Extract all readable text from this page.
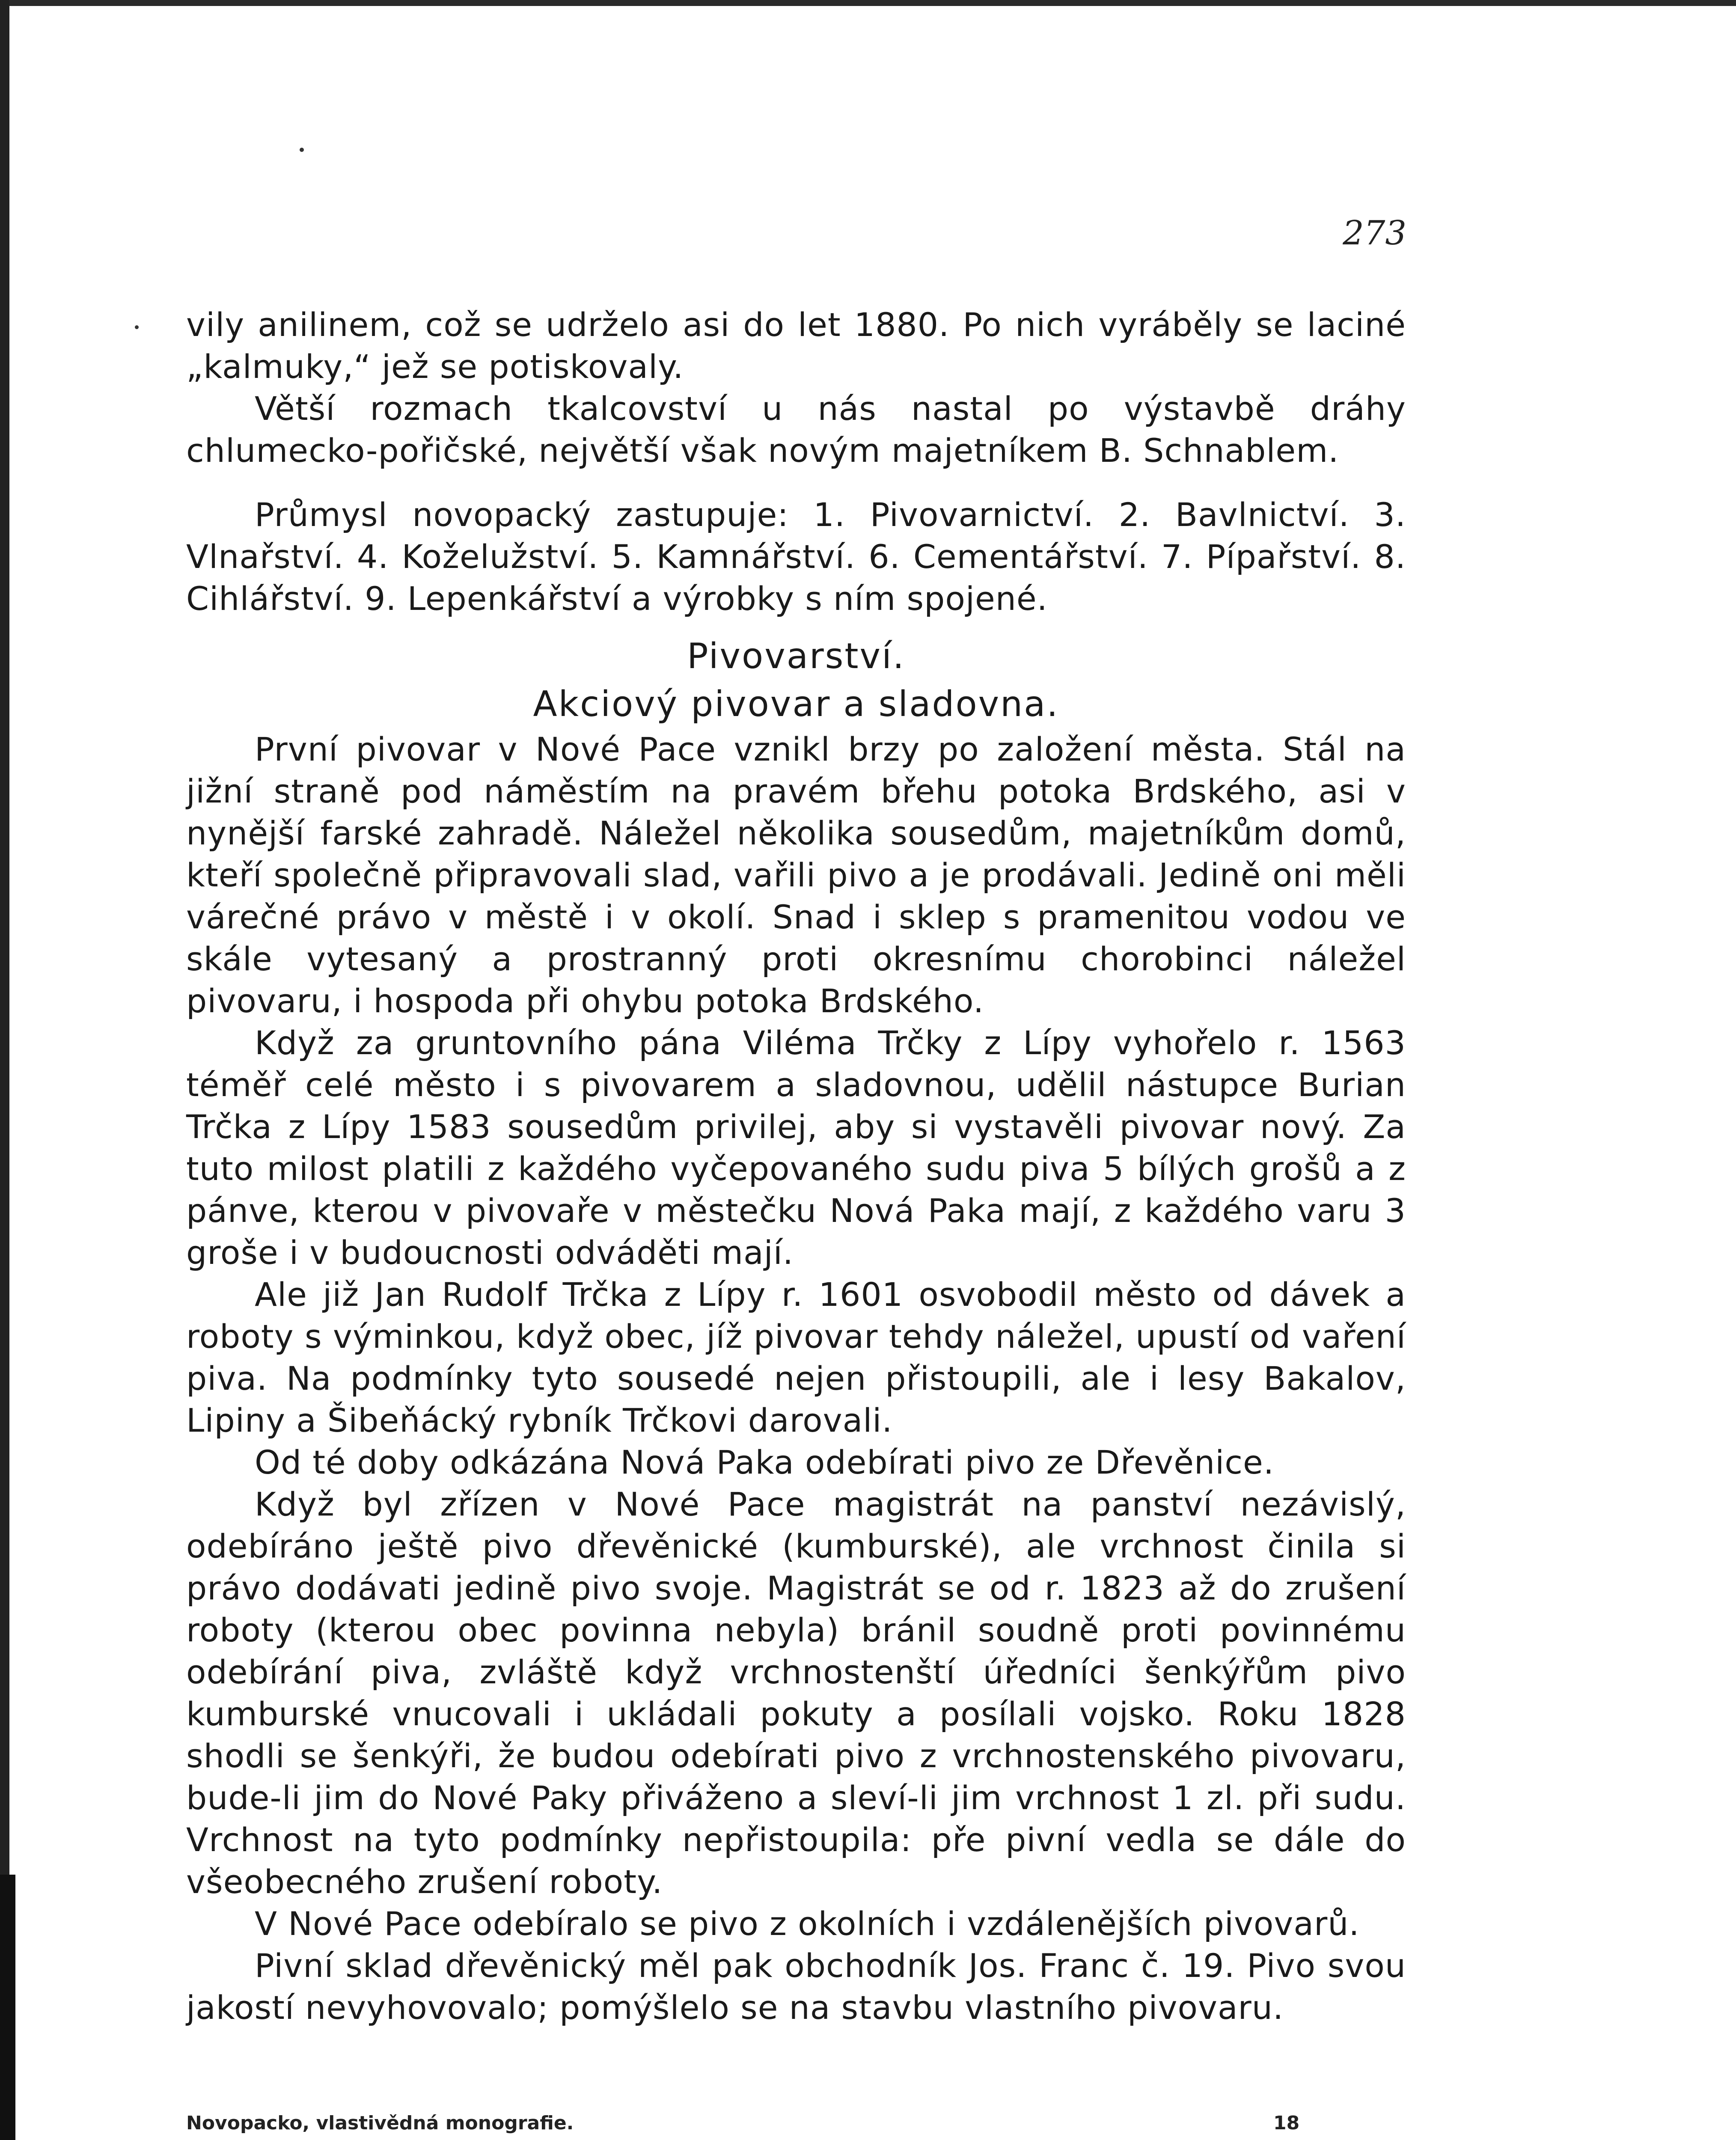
273

vily anilinem, což se udrželo asi do let 1880. Po nich vyráběly se laciné „kalmuky,“ jež se potiskovaly.

Větší rozmach tkalcovství u nás nastal po výstavbě dráhy chlumecko-pořičské, největší však novým majetníkem B. Schnablem.

Průmysl novopacký zastupuje: 1. Pivovarnictví. 2. Bavlnictví. 3. Vlnařství. 4. Koželužství. 5. Kamnářství. 6. Cementářství. 7. Pípařství. 8. Cihlářství. 9. Lepenkářství a výrobky s ním spojené.

Pivovarství.

Akciový pivovar a sladovna.

První pivovar v Nové Pace vznikl brzy po založení města. Stál na jižní straně pod náměstím na pravém břehu potoka Brdského, asi v nynější farské zahradě. Náležel několika sousedům, majetníkům domů, kteří společně připravovali slad, vařili pivo a je prodávali. Jedině oni měli várečné právo v městě i v okolí. Snad i sklep s pramenitou vodou ve skále vytesaný a prostranný proti okresnímu chorobinci náležel pivovaru, i hospoda při ohybu potoka Brdského.

Když za gruntovního pána Viléma Trčky z Lípy vyhořelo r. 1563 téměř celé město i s pivovarem a sladovnou, udělil nástupce Burian Trčka z Lípy 1583 sousedům privilej, aby si vystavěli pivovar nový. Za tuto milost platili z každého vyčepovaného sudu piva 5 bílých grošů a z pánve, kterou v pivovaře v městečku Nová Paka mají, z každého varu 3 groše i v budoucnosti odváděti mají.

Ale již Jan Rudolf Trčka z Lípy r. 1601 osvobodil město od dávek a roboty s výminkou, když obec, jíž pivovar tehdy náležel, upustí od vaření piva. Na podmínky tyto sousedé nejen přistoupili, ale i lesy Bakalov, Lipiny a Šibeňácký rybník Trčkovi darovali.

Od té doby odkázána Nová Paka odebírati pivo ze Dřevěnice.

Když byl zřízen v Nové Pace magistrát na panství nezávislý, odebíráno ještě pivo dřevěnické (kumburské), ale vrchnost činila si právo dodávati jedině pivo svoje. Magistrát se od r. 1823 až do zrušení roboty (kterou obec povinna nebyla) bránil soudně proti povinnému odebírání piva, zvláště když vrchnostenští úředníci šenkýřům pivo kumburské vnucovali i ukládali pokuty a posílali vojsko. Roku 1828 shodli se šenkýři, že budou odebírati pivo z vrchnostenského pivovaru, bude-li jim do Nové Paky přiváženo a sleví-li jim vrchnost 1 zl. při sudu. Vrchnost na tyto podmínky nepřistoupila: pře pivní vedla se dále do všeobecného zrušení roboty.

V Nové Pace odebíralo se pivo z okolních i vzdálenějších pivovarů.

Pivní sklad dřevěnický měl pak obchodník Jos. Franc č. 19. Pivo svou jakostí nevyhovovalo; pomýšlelo se na stavbu vlastního pivovaru.

Novopacko, vlastivědná monografie.	18
